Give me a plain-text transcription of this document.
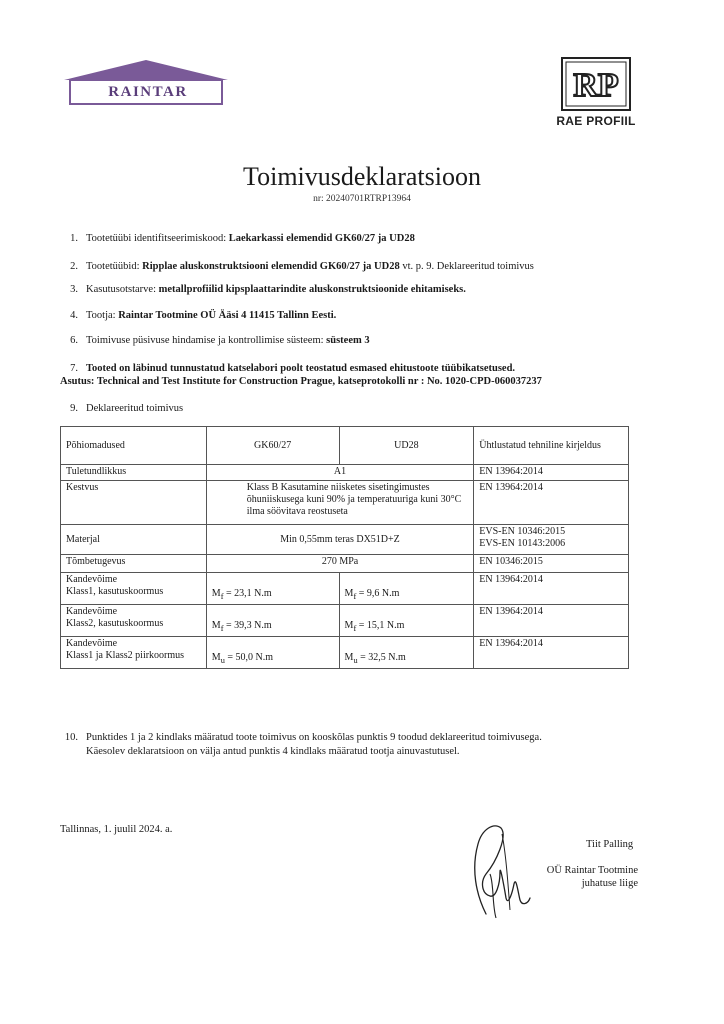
RAINTAR	RP
RAE PROFIIL
Toimivusdeklaratsioon
nr: 20240701RTRP13964
1. Tootetüübi identifitseerimiskood: Laekarkassi elemendid GK60/27 ja UD28
2. Tootetüübid: Ripplae aluskonstruktsiooni elemendid GK60/27 ja UD28 vt. p. 9. Deklareeritud toimivus
3. Kasutusotstarve: metallprofiilid kipsplaattarindite aluskonstruktsioonide ehitamiseks.
4. Tootja: Raintar Tootmine OÜ Ääsi 4 11415 Tallinn Eesti.
6. Toimivuse püsivuse hindamise ja kontrollimise süsteem: süsteem 3
7. Tooted on läbinud tunnustatud katselabori poolt teostatud esmased ehitustoote tüübikatsetused.
Asutus: Technical and Test Institute for Construction Prague, katseprotokolli nr : No. 1020-CPD-060037237
9. Deklareeritud toimivus
Põhiomadused	GK60/27	UD28	Ühtlustatud tehniline kirjeldus
Tuletundlikkus	A1		EN 13964:2014
Kestvus	Klass B Kasutamine niisketes sisetingimustes
õhuniiskusega kuni 90% ja temperatuuriga kuni 30°C
ilma söövitava reostuseta		EN 13964:2014
Materjal	Min 0,55mm teras DX51D+Z		EVS-EN 10346:2015
EVS-EN 10143:2006

Tõmbetugevus	270 MPa		EN 10346:2015

Kandevõime
Klass1, kasutuskoormus	$M_f = 23,1$ N.m	$M_f = 9,6$ N.m	EN 13964:2014

Kandevõime
Klass2, kasutuskoormus	$M_f = 39,3$ N.m	$M_f = 15,1$ N.m	EN 13964:2014

Kandevõime
Klass1 ja Klass2 piirkoormus	$M_u = 50,0$ N.m	$M_u = 32,5$ N.m	EN 13964:2014
10. Punktides 1 ja 2 kindlaks määratud toote toimivus on kooskõlas punktis 9 toodud deklareeritud toimivusega.
Käesolev deklaratsioon on välja antud punktis 4 kindlaks määratud tootja ainuvastutusel.
Tallinnas, 1. juulil 2024. a.
Tiit Palling
OÜ Raintar Tootmine
juhatuse liige
